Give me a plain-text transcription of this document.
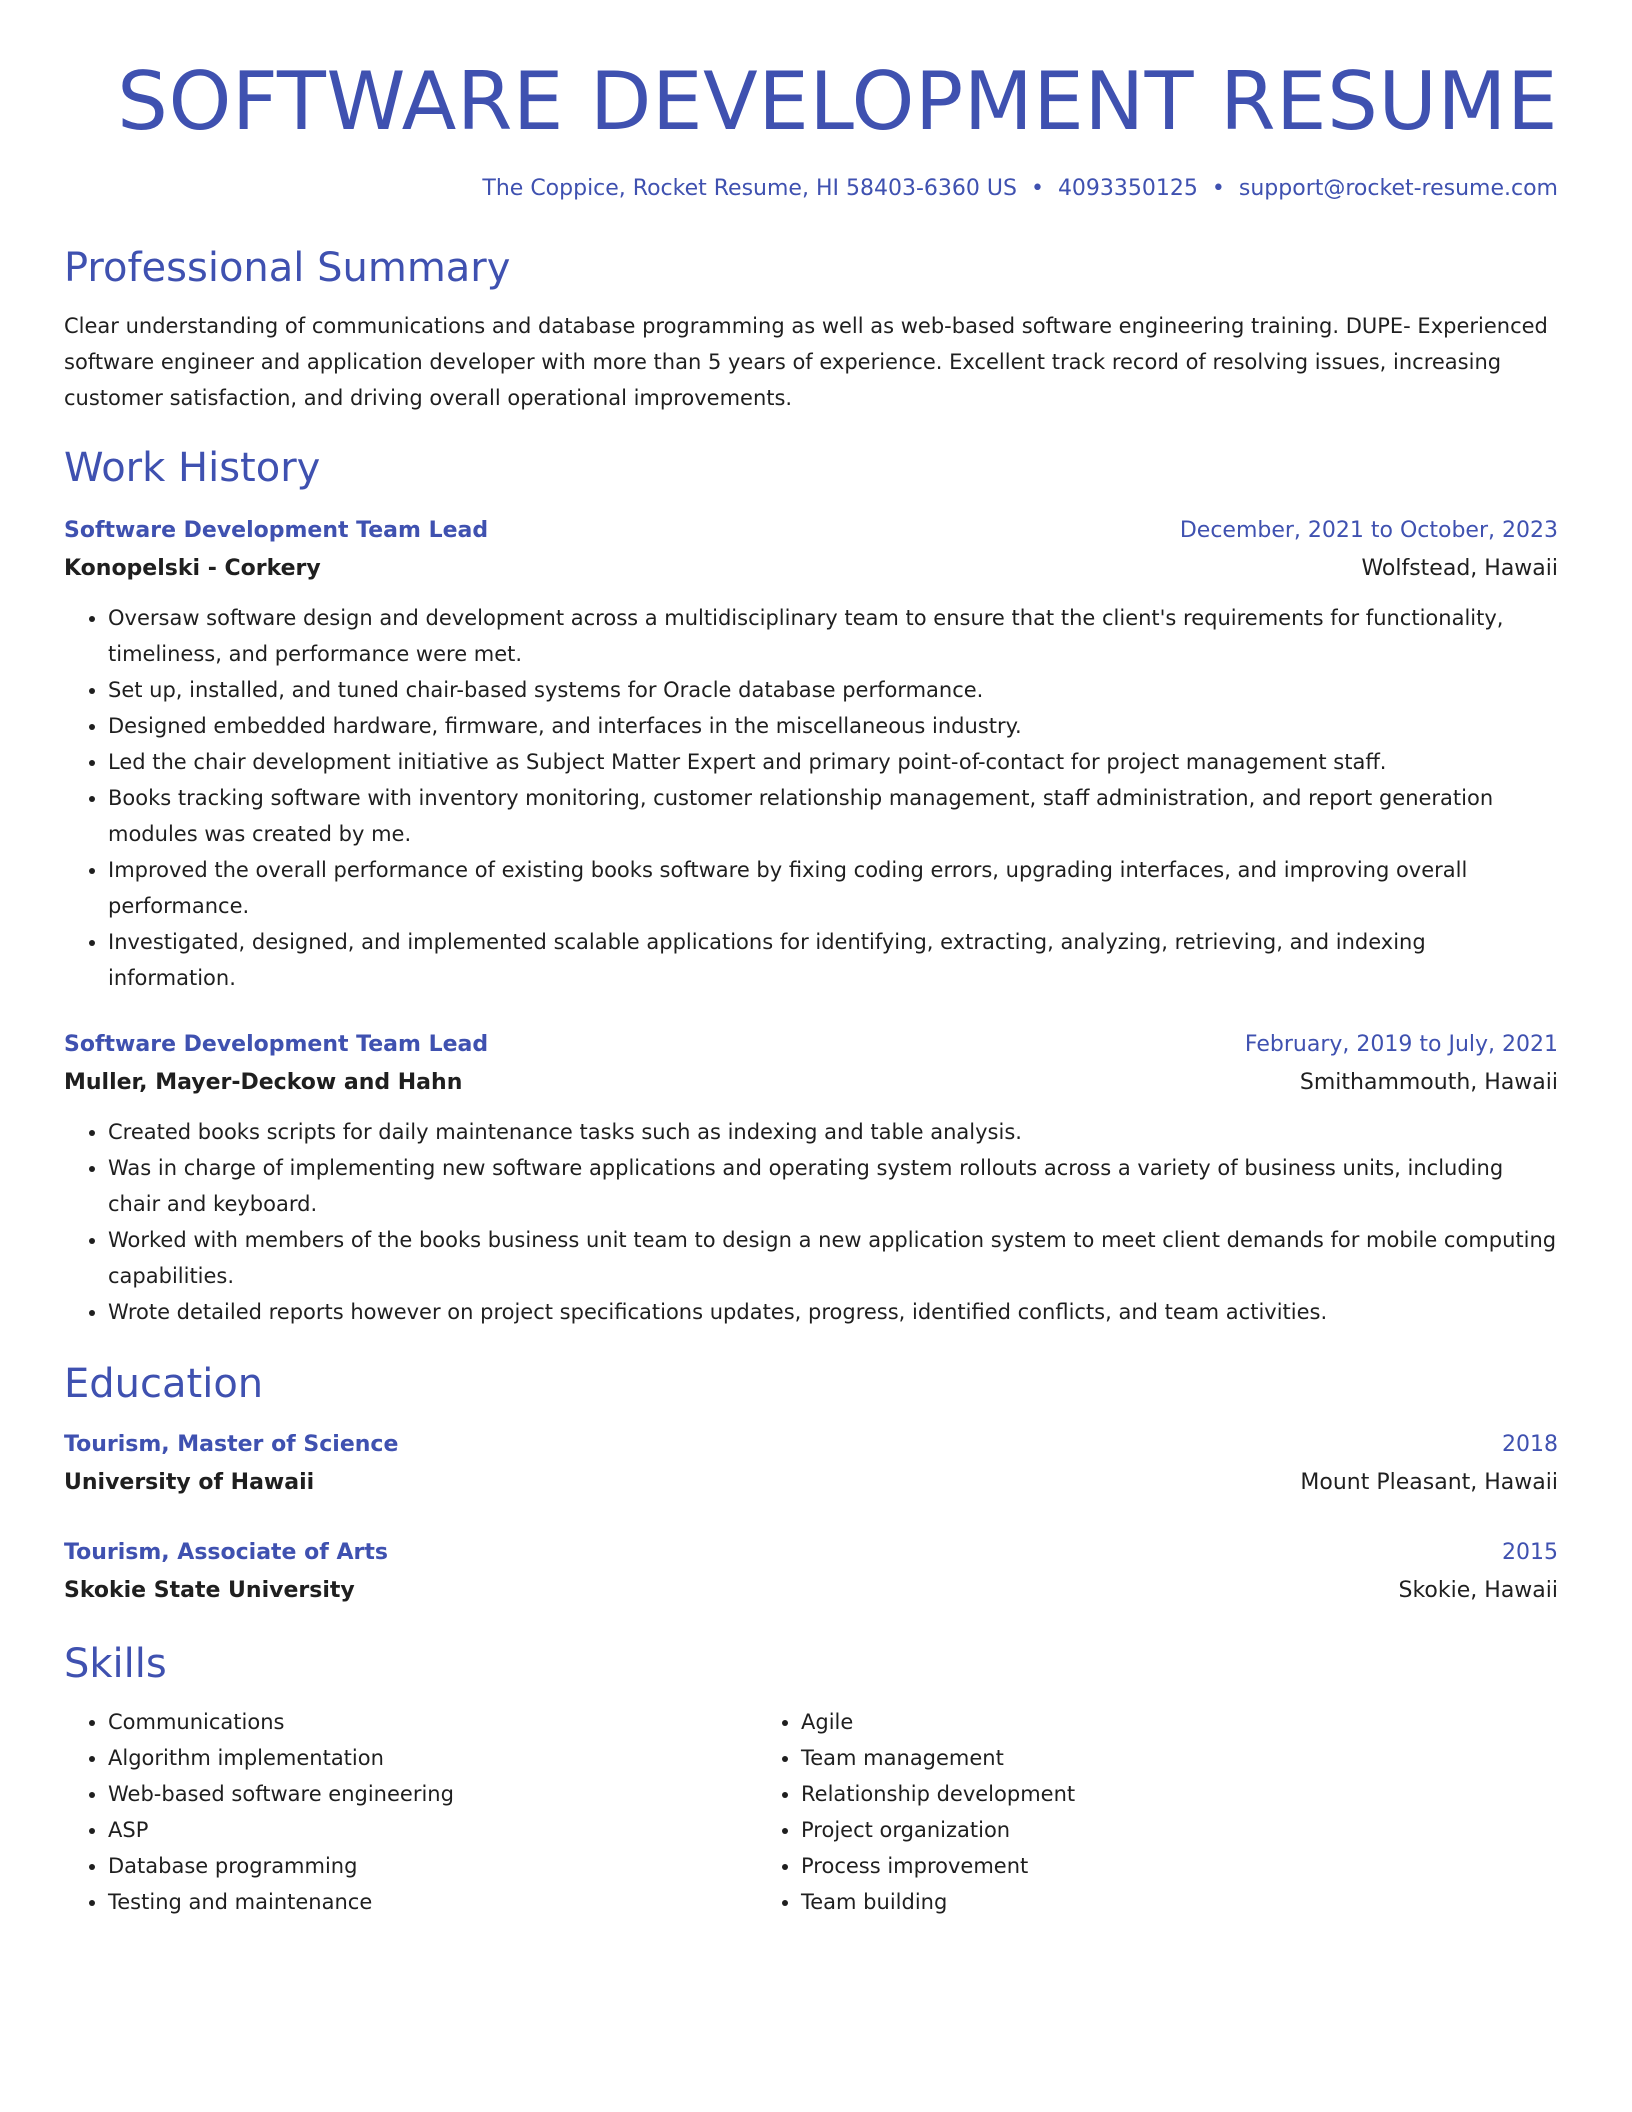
SOFTWARE DEVELOPMENT RESUME
The Coppice, Rocket Resume, HI 58403-6360 US • 4093350125 • support@rocket-resume.com
Professional Summary

Clear understanding of communications and database programming as well as web-based software engineering training. DUPE- Experienced software engineer and application developer with more than 5 years of experience. Excellent track record of resolving issues, increasing customer satisfaction, and driving overall operational improvements.

Work History
Software Development Team Lead	December, 2021 to October, 2023
Konopelski - Corkery	Wolfstead, Hawaii
• Oversaw software design and development across a multidisciplinary team to ensure that the client's requirements for functionality, timeliness, and performance were met.
• Set up, installed, and tuned chair-based systems for Oracle database performance.
• Designed embedded hardware, firmware, and interfaces in the miscellaneous industry.
• Led the chair development initiative as Subject Matter Expert and primary point-of-contact for project management staff.
• Books tracking software with inventory monitoring, customer relationship management, staff administration, and report generation modules was created by me.
• Improved the overall performance of existing books software by fixing coding errors, upgrading interfaces, and improving overall performance.
• Investigated, designed, and implemented scalable applications for identifying, extracting, analyzing, retrieving, and indexing information.
Software Development Team Lead	February, 2019 to July, 2021
Muller, Mayer-Deckow and Hahn	Smithammouth, Hawaii
• Created books scripts for daily maintenance tasks such as indexing and table analysis.
• Was in charge of implementing new software applications and operating system rollouts across a variety of business units, including chair and keyboard.
• Worked with members of the books business unit team to design a new application system to meet client demands for mobile computing capabilities.
• Wrote detailed reports however on project specifications updates, progress, identified conflicts, and team activities.
Education
Tourism, Master of Science	2018
University of Hawaii	Mount Pleasant, Hawaii
Tourism, Associate of Arts	2015
Skokie State University	Skokie, Hawaii
Skills
• Communications
• Algorithm implementation
• Web-based software engineering
• ASP
• Database programming
• Testing and maintenance
• Agile
• Team management
• Relationship development
• Project organization
• Process improvement
• Team building
